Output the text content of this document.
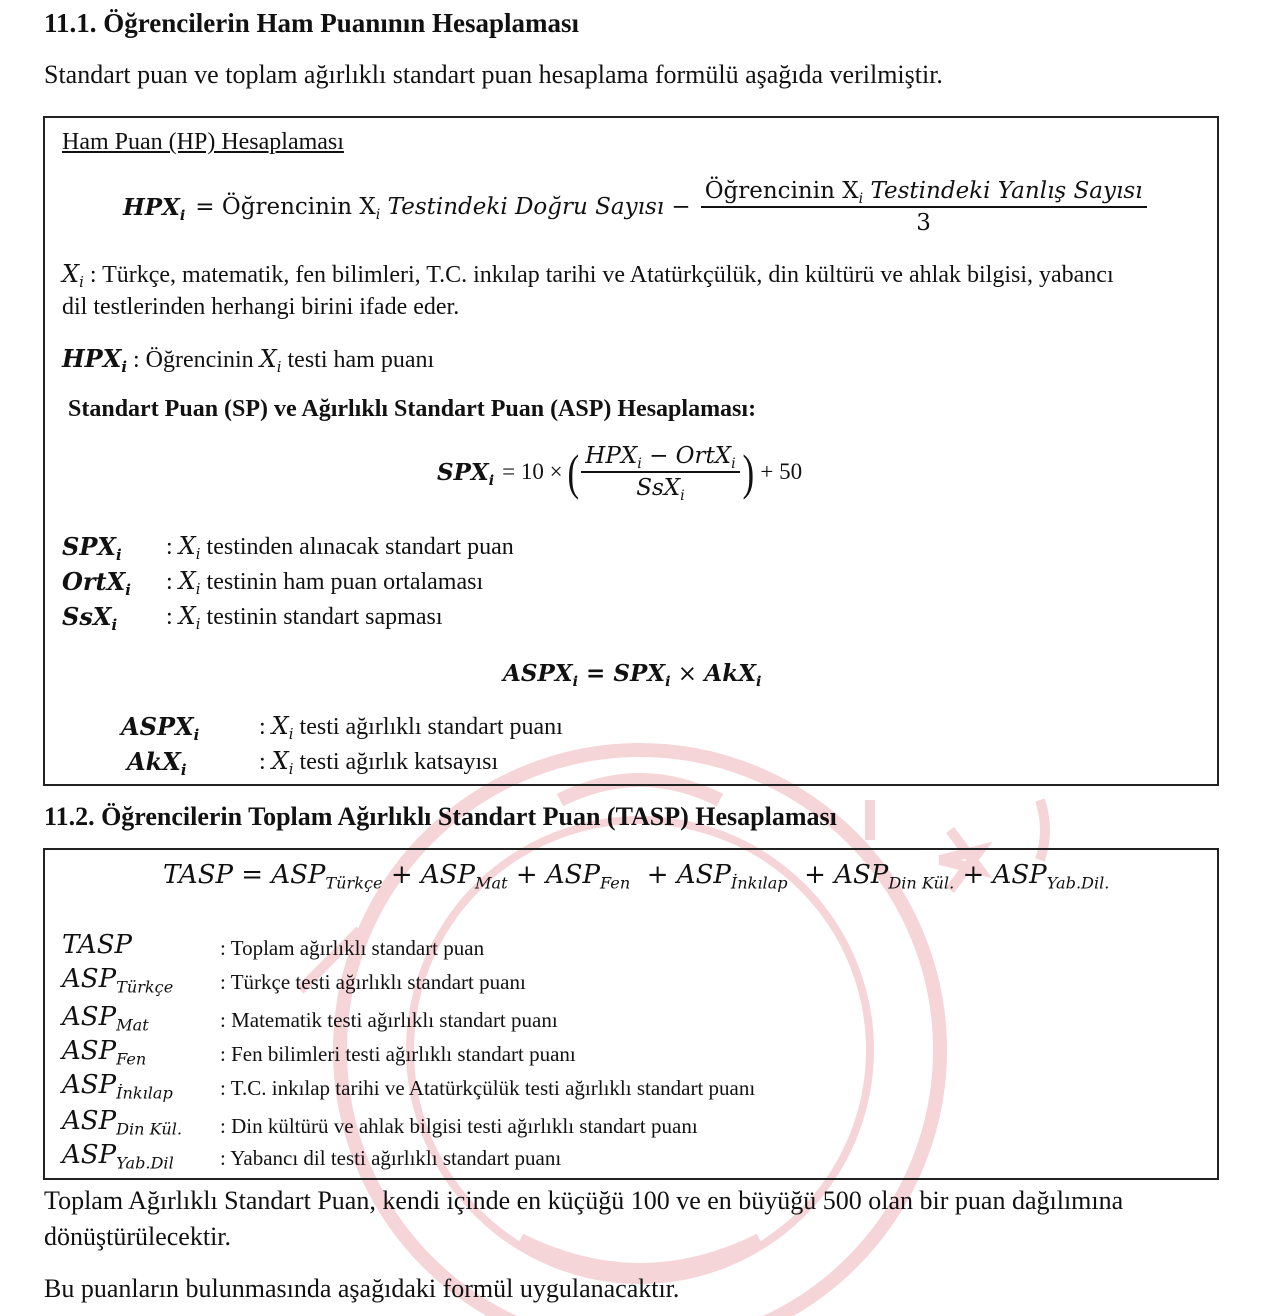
11.1. Öğrencilerin Ham Puanının Hesaplaması
Standart puan ve toplam ağırlıklı standart puan hesaplama formülü aşağıda verilmiştir.
Ham Puan (HP) Hesaplaması
$HPX_i$ = Öğrencinin $X_i$ Testindeki Doğru Sayısı − $\frac{Öğrencinin X_i Testindeki Yanlış Sayısı}{3}$
$X_i$ : Türkçe, matematik, fen bilimleri, T.C. inkılap tarihi ve Atatürkçülük, din kültürü ve ahlak bilgisi, yabancı
dil testlerinden herhangi birini ifade eder.
$HPX_i$ : Öğrencinin $X_i$ testi ham puanı
Standart Puan (SP) ve Ağırlıklı Standart Puan (ASP) Hesaplaması:
$SPX_i = 10$ × ( $\frac{HPX_i - OrtX_i}{SsX_i}$ ) + 50
$SPX_i$	: $X_i$ testinden alınacak standart puan
OrtX$_i$	: $X_i$ testinin ham puan ortalaması
SsX$_i$	: $X_i$ testinin standart sapması
$ASPX_i = SPX_i \times AkX_i$
$ASPX_i$	: $X_i$ testi ağırlıklı standart puanı
AkX$_i$	: $X_i$ testi ağırlık katsayısı
11.2. Öğrencilerin Toplam Ağırlıklı Standart Puan (TASP) Hesaplaması
TASP = $ASP_{Türkçe} + ASP_{Mat} + ASP_{Fen} + ASP_{İnkılap} + ASP_{Din Kül.} + ASP_{Yab.Dil.}$
TASP	: Toplam ağırlıklı standart puan
$ASP_{Türkçe}$	: Türkçe testi ağırlıklı standart puanı
$ASP_{Mat}$	: Matematik testi ağırlıklı standart puanı
$ASP_{Fen}$	: Fen bilimleri testi ağırlıklı standart puanı
$ASP_{İnkılap}$	: T.C. inkılap tarihi ve Atatürkçülük testi ağırlıklı standart puanı
$ASP_{Din Kül.}$	: Din kültürü ve ahlak bilgisi testi ağırlıklı standart puanı
$ASP_{Yab.Dil}$	: Yabancı dil testi ağırlıklı standart puanı
Toplam Ağırlıklı Standart Puan, kendi içinde en küçüğü 100 ve en büyüğü 500 olan bir puan dağılımına
dönüştürülecektir.
Bu puanların bulunmasında aşağıdaki formül uygulanacaktır.
